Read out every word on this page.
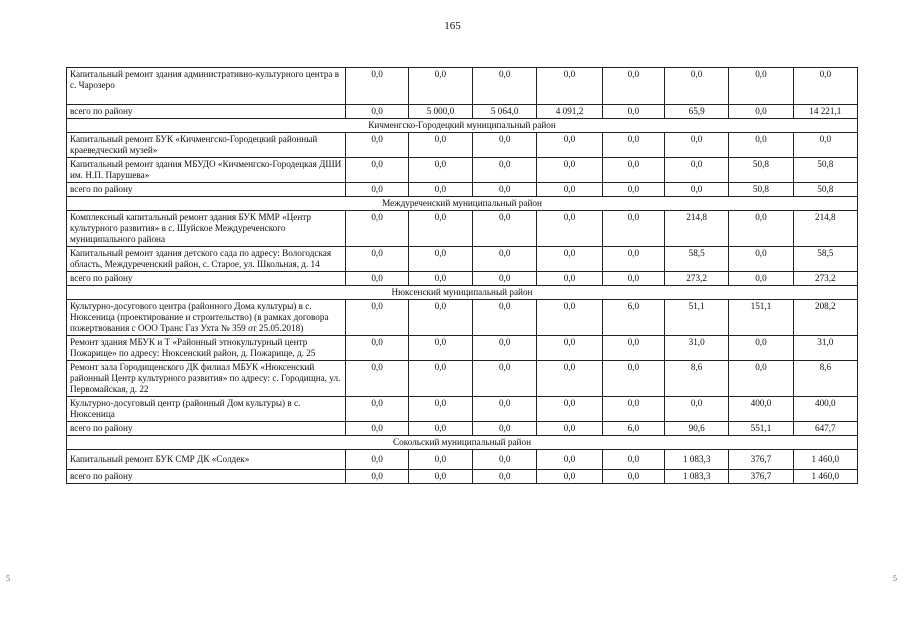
165
Капитальный ремонт здания административно-культурного центра в с. Чарозеро	0,0	0,0	0,0	0,0	0,0	0,0	0,0	0,0
всего по району	0,0	5 000,0	5 064,0	4 091,2	0,0	65,9	0,0	14 221,1
Кичменгско-Городецкий муниципальный район								
Капитальный ремонт БУК «Кичменгско-Городецкий районный краеведческий музей»	0,0	0,0	0,0	0,0	0,0	0,0	0,0	0,0
Капитальный ремонт здания МБУДО «Кичменгско-Городецкая ДШИ им. Н.П. Парушева»	0,0	0,0	0,0	0,0	0,0	0,0	50,8	50,8
всего по району	0,0	0,0	0,0	0,0	0,0	0,0	50,8	50,8
Междуреченский муниципальный район								
Комплексный капитальный ремонт здания БУК ММР «Центр культурного развития» в с. Шуйское Междуреченского муниципального района	0,0	0,0	0,0	0,0	0,0	214,8	0,0	214,8
Капитальный ремонт здания детского сада по адресу: Вологодская область, Междуреченский район, с. Старое, ул. Школьная, д. 14	0,0	0,0	0,0	0,0	0,0	58,5	0,0	58,5
всего по району	0,0	0,0	0,0	0,0	0,0	273,2	0,0	273,2
Нюксенский муниципальный район								
Культурно-досугового центра (районного Дома культуры) в с. Нюксеница (проектирование и строительство) (в рамках договора пожертвования с ООО Транс Газ Ухта № 359 от 25.05.2018)	0,0	0,0	0,0	0,0	6,0	51,1	151,1	208,2
Ремонт здания МБУК и Т «Районный этнокультурный центр Пожарище» по адресу: Нюксенский район, д. Пожарище, д. 25	0,0	0,0	0,0	0,0	0,0	31,0	0,0	31,0
Ремонт зала Городищенского ДК филиал МБУК «Нюксенский районный Центр культурного развития» по адресу: с. Городищна, ул. Первомайская, д. 22	0,0	0,0	0,0	0,0	0,0	8,6	0,0	8,6
Культурно-досуговый центр (районный Дом культуры) в с. Нюксеница	0,0	0,0	0,0	0,0	0,0	0,0	400,0	400,0
всего по району	0,0	0,0	0,0	0,0	6,0	90,6	551,1	647,7
Сокольский муниципальный район								
Капитальный ремонт БУК СМР ДК «Солдек»	0,0	0,0	0,0	0,0	0,0	1 083,3	376,7	1 460,0
всего по району	0,0	0,0	0,0	0,0	0,0	1 083,3	376,7	1 460,0
5	5
